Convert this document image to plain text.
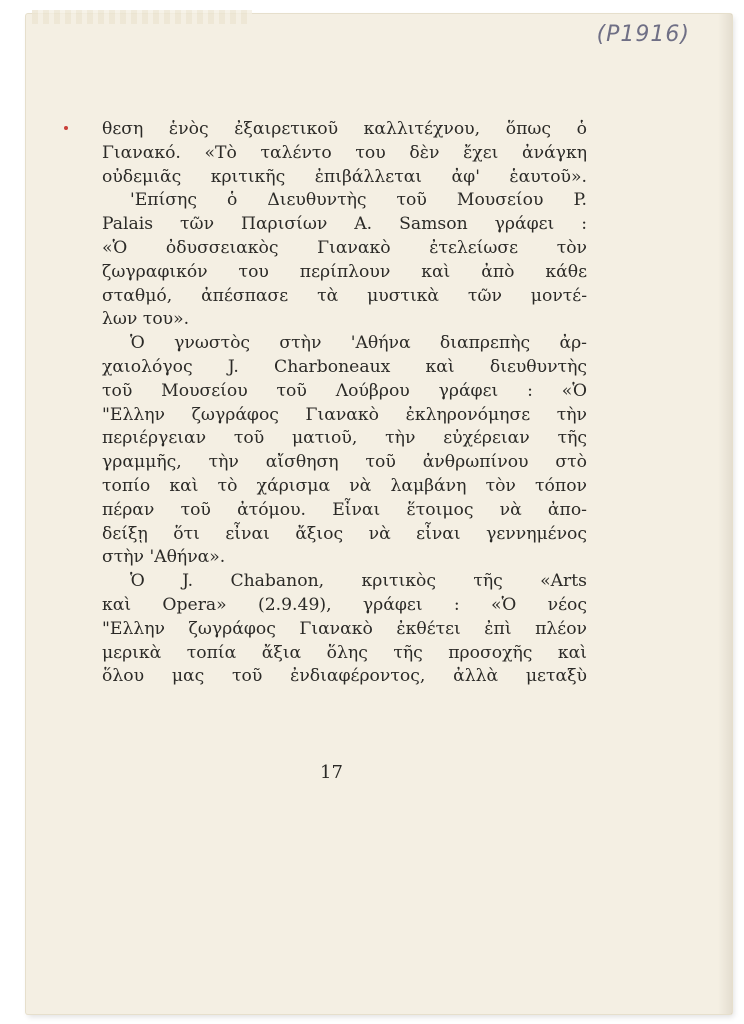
(P1916)
θεση ἑνὸς ἐξαιρετικοῦ καλλιτέχνου, ὅπως ὁ
Γιανακό. «Τὸ ταλέντο του δὲν ἔχει ἀνάγκη
οὐδεμιᾶς κριτικῆς ἐπιβάλλεται ἀφ' ἑαυτοῦ».
'Επίσης ὁ Διευθυντὴς τοῦ Μουσείου P.
Palais τῶν Παρισίων A. Samson γράφει :
«Ὁ ὀδυσσειακὸς Γιανακὸ ἐτελείωσε τὸν
ζωγραφικόν του περίπλουν καὶ ἀπὸ κάθε
σταθμό, ἀπέσπασε τὰ μυστικὰ τῶν μοντέ-
λων του».
Ὁ γνωστὸς στὴν 'Αθήνα διαπρεπὴς ἀρ-
χαιολόγος J. Charboneaux καὶ διευθυντὴς
τοῦ Μουσείου τοῦ Λούβρου γράφει : «Ὁ
"Ελλην ζωγράφος Γιανακὸ ἐκληρονόμησε τὴν
περιέργειαν τοῦ ματιοῦ, τὴν εὐχέρειαν τῆς
γραμμῆς, τὴν αἴσθηση τοῦ ἀνθρωπίνου στὸ
τοπίο καὶ τὸ χάρισμα νὰ λαμβάνη τὸν τόπον
πέραν τοῦ ἀτόμου. Εἶναι ἕτοιμος νὰ ἀπο-
δείξῃ ὅτι εἶναι ἄξιος νὰ εἶναι γεννημένος
στὴν 'Αθήνα».
Ὁ J. Chabanon, κριτικὸς τῆς «Arts
καὶ Opera» (2.9.49), γράφει : «Ὁ νέος
"Ελλην ζωγράφος Γιανακὸ ἐκθέτει ἐπὶ πλέον
μερικὰ τοπία ἄξια ὅλης τῆς προσοχῆς καὶ
ὅλου μας τοῦ ἐνδιαφέροντος, ἀλλὰ μεταξὺ
17
